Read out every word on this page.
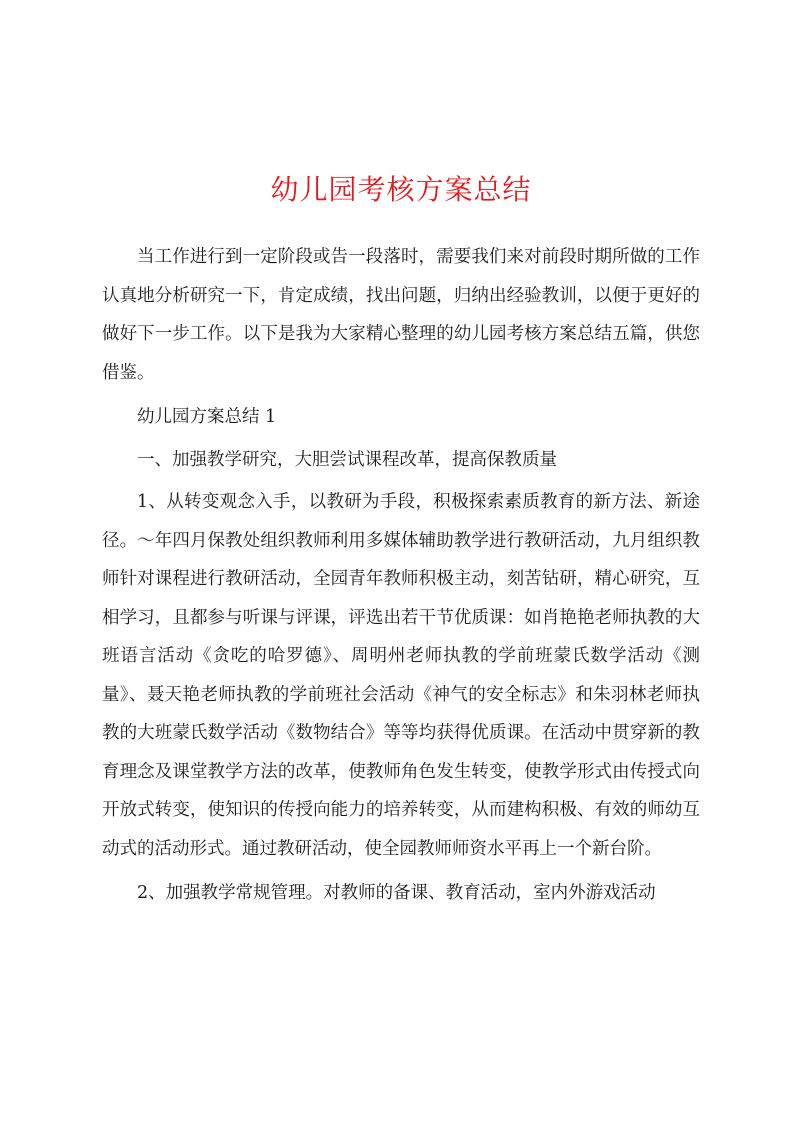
幼儿园考核方案总结

当工作进行到一定阶段或告一段落时，需要我们来对前段时期所做的工作认真地分析研究一下，肯定成绩，找出问题，归纳出经验教训，以便于更好的做好下一步工作。以下是我为大家精心整理的幼儿园考核方案总结五篇，供您借鉴。

幼儿园方案总结 1

一、加强教学研究，大胆尝试课程改革，提高保教质量

1、从转变观念入手，以教研为手段，积极探索素质教育的新方法、新途径。～年四月保教处组织教师利用多媒体辅助教学进行教研活动，九月组织教师针对课程进行教研活动，全园青年教师积极主动，刻苦钻研，精心研究，互相学习，且都参与听课与评课，评选出若干节优质课：如肖艳艳老师执教的大班语言活动《贪吃的哈罗德》、周明州老师执教的学前班蒙氏数学活动《测量》、聂天艳老师执教的学前班社会活动《神气的安全标志》和朱羽林老师执教的大班蒙氏数学活动《数物结合》等等均获得优质课。在活动中贯穿新的教育理念及课堂教学方法的改革，使教师角色发生转变，使教学形式由传授式向开放式转变，使知识的传授向能力的培养转变，从而建构积极、有效的师幼互动式的活动形式。通过教研活动，使全园教师师资水平再上一个新台阶。

2、加强教学常规管理。对教师的备课、教育活动，室内外游戏活动
